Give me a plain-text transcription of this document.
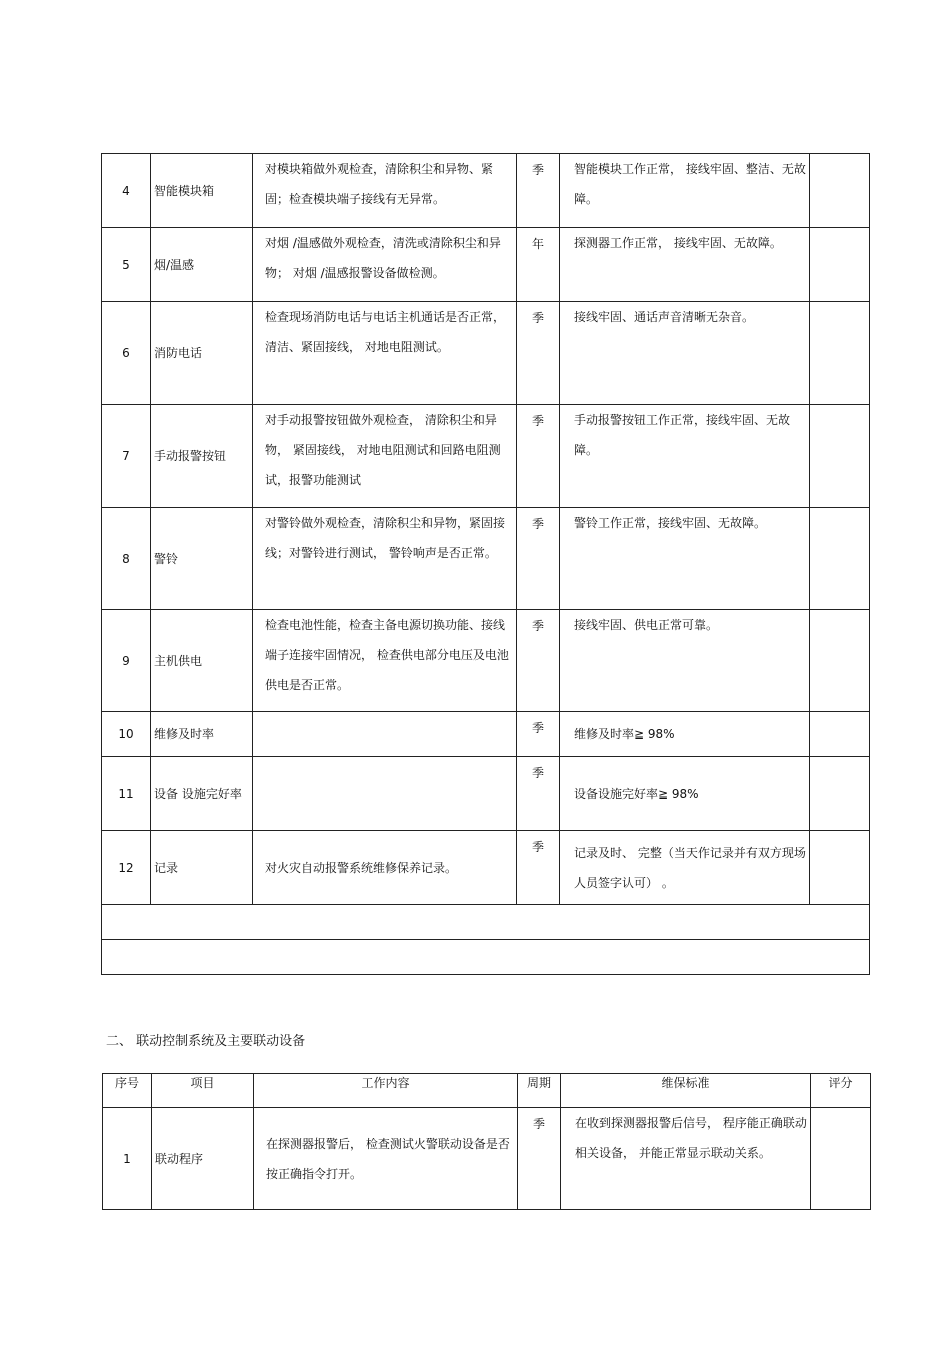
4	智能模块箱	对模块箱做外观检查，清除积尘和异物、紧固；检查模块端子接线有无异常。	季	智能模块工作正常， 接线牢固、整洁、无故障。	
5	烟/温感	对烟 /温感做外观检查，清洗或清除积尘和异物； 对烟 /温感报警设备做检测。	年	探测器工作正常， 接线牢固、无故障。	
6	消防电话	检查现场消防电话与电话主机通话是否正常， 清洁、紧固接线， 对地电阻测试。	季	接线牢固、通话声音清晰无杂音。	
7	手动报警按钮	对手动报警按钮做外观检查， 清除积尘和异物， 紧固接线， 对地电阻测试和回路电阻测试，报警功能测试	季	手动报警按钮工作正常，接线牢固、无故障。	
8	警铃	对警铃做外观检查，清除积尘和异物，紧固接线；对警铃进行测试， 警铃响声是否正常。	季	警铃工作正常，接线牢固、无故障。	
9	主机供电	检查电池性能，检查主备电源切换功能、接线端子连接牢固情况， 检查供电部分电压及电池供电是否正常。	季	接线牢固、供电正常可靠。	
10	维修及时率		季	维修及时率≧ 98%	
11	设备 设施完好率		季	设备设施完好率≧ 98%	
12	记录	对火灾自动报警系统维修保养记录。	季	记录及时、 完整（当天作记录并有双方现场人员签字认可） 。	

二、 联动控制系统及主要联动设备
序号	项目	工作内容	周期	维保标准	评分
1	联动程序	在探测器报警后， 检查测试火警联动设备是否按正确指令打开。	季	在收到探测器报警后信号， 程序能正确联动相关设备， 并能正常显示联动关系。	
